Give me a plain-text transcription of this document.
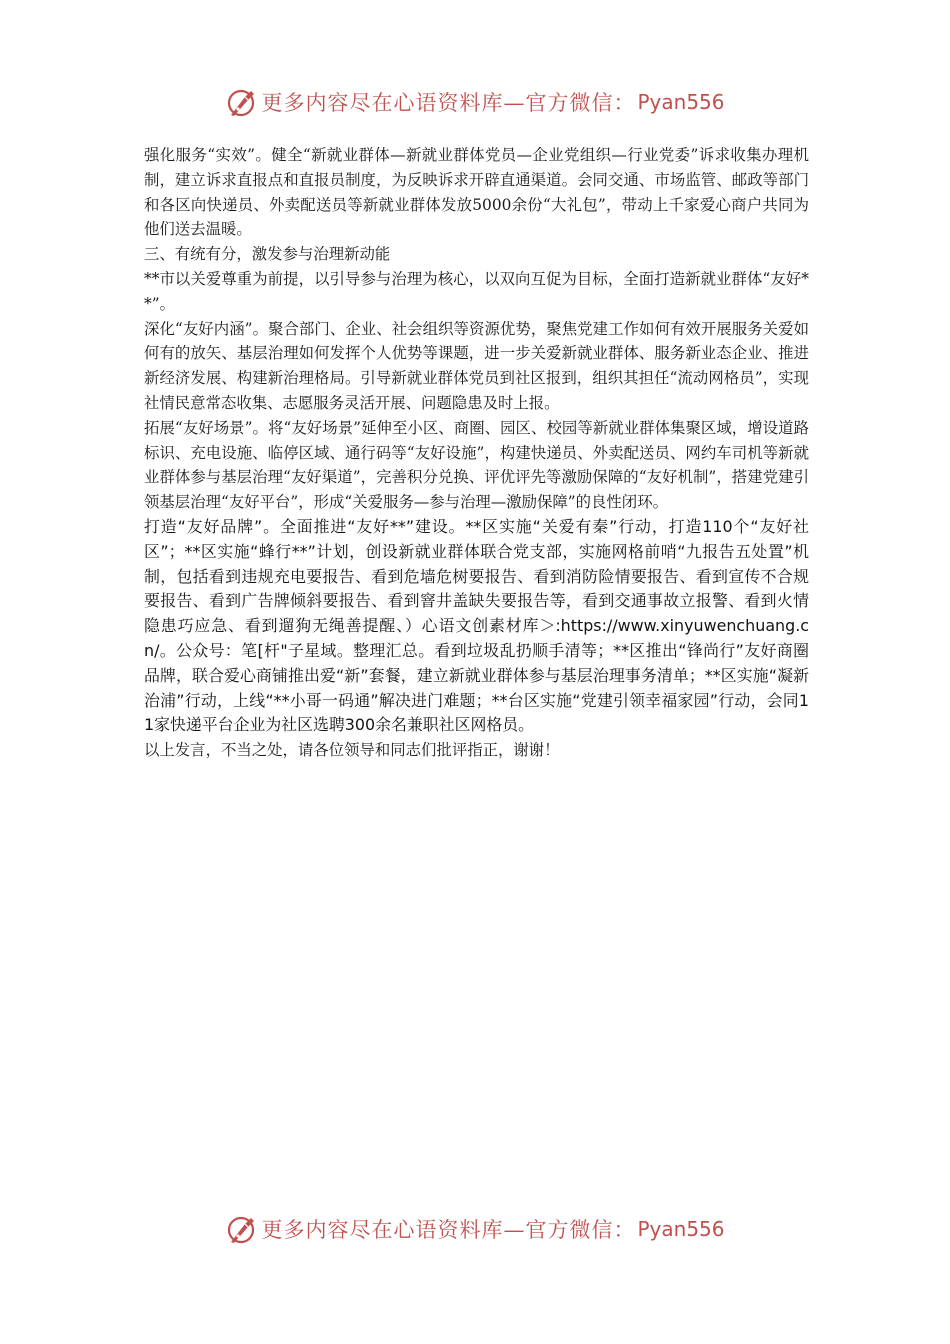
更多内容尽在心语资料库—官方微信： Pyan556

强化服务“实效”。健全“新就业群体—新就业群体党员—企业党组织—行业党委”诉求收集办理机制，建立诉求直报点和直报员制度，为反映诉求开辟直通渠道。会同交通、市场监管、邮政等部门和各区向快递员、外卖配送员等新就业群体发放5000余份“大礼包”，带动上千家爱心商户共同为他们送去温暖。

三、有统有分，激发参与治理新动能

**市以关爱尊重为前提，以引导参与治理为核心，以双向互促为目标，全面打造新就业群体“友好**”。

深化“友好内涵”。聚合部门、企业、社会组织等资源优势，聚焦党建工作如何有效开展服务关爱如何有的放矢、基层治理如何发挥个人优势等课题，进一步关爱新就业群体、服务新业态企业、推进新经济发展、构建新治理格局。引导新就业群体党员到社区报到，组织其担任“流动网格员”，实现社情民意常态收集、志愿服务灵活开展、问题隐患及时上报。

拓展“友好场景”。将“友好场景”延伸至小区、商圈、园区、校园等新就业群体集聚区域，增设道路标识、充电设施、临停区域、通行码等“友好设施”，构建快递员、外卖配送员、网约车司机等新就业群体参与基层治理“友好渠道”，完善积分兑换、评优评先等激励保障的“友好机制”，搭建党建引领基层治理“友好平台”，形成“关爱服务—参与治理—激励保障”的良性闭环。

打造“友好品牌”。全面推进“友好**”建设。**区实施“关爱有秦”行动，打造110个“友好社区”；**区实施“蜂行**”计划，创设新就业群体联合党支部，实施网格前哨“九报告五处置”机制，包括看到违规充电要报告、看到危墙危树要报告、看到消防险情要报告、看到宣传不合规要报告、看到广告牌倾斜要报告、看到窨井盖缺失要报告等，看到交通事故立报警、看到火情隐患巧应急、看到遛狗无绳善提醒、）心语文创素材库＞:https://www.xinyuwenchuang.cn/。公众号：笔[杆"子星域。整理汇总。看到垃圾乱扔顺手清等；**区推出“锋尚行”友好商圈品牌，联合爱心商铺推出爱“新”套餐，建立新就业群体参与基层治理事务清单；**区实施“凝新治浦”行动，上线“**小哥一码通”解决进门难题；**台区实施“党建引领幸福家园”行动，会同11家快递平台企业为社区选聘300余名兼职社区网格员。

以上发言，不当之处，请各位领导和同志们批评指正，谢谢！

更多内容尽在心语资料库—官方微信： Pyan556
